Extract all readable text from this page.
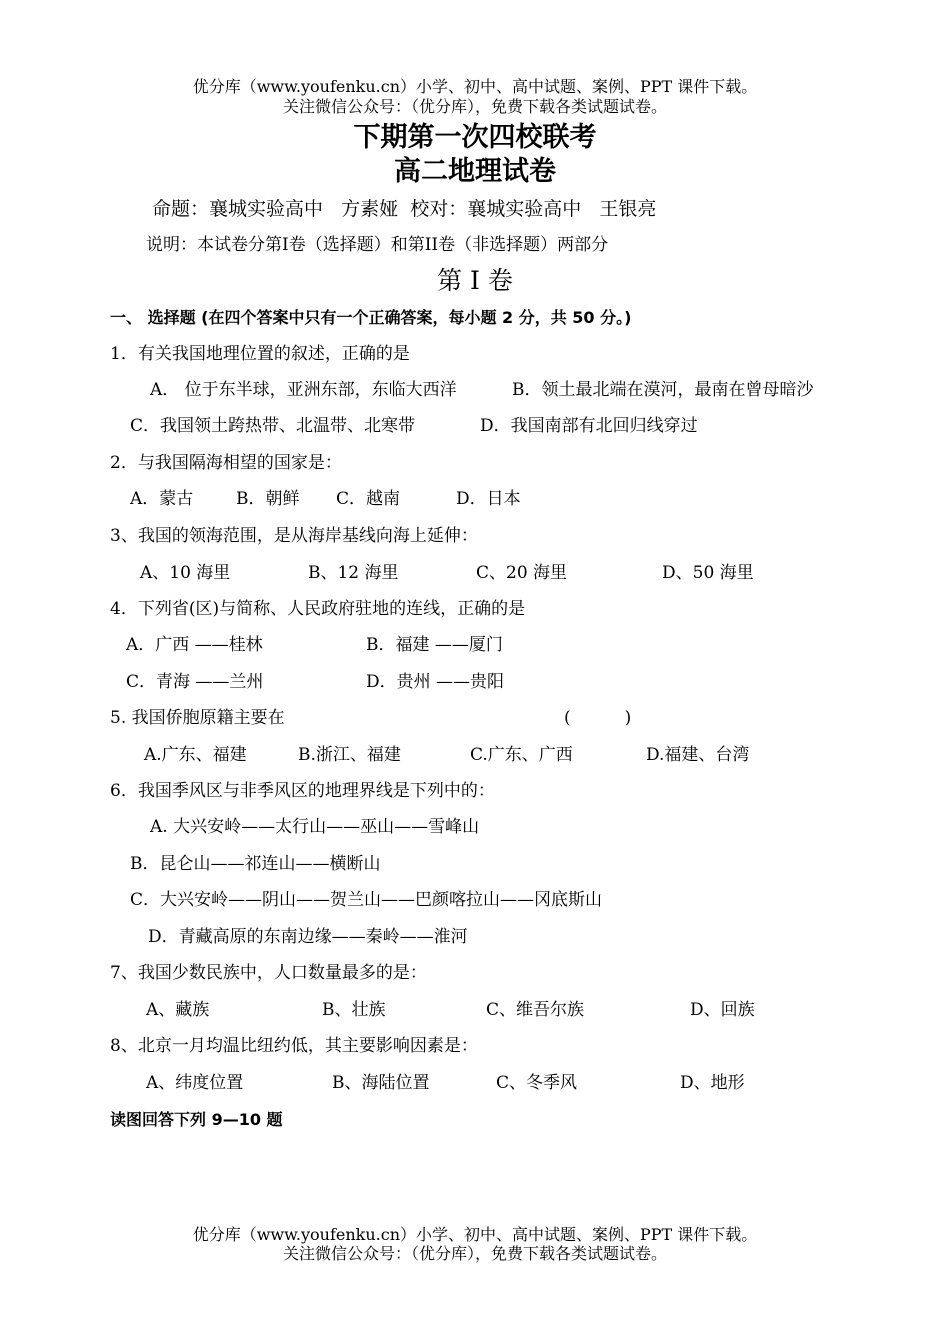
优分库（www.youfenku.cn）小学、初中、高中试题、案例、PPT 课件下载。
关注微信公众号：（优分库），免费下载各类试题试卷。
下期第一次四校联考
高二地理试卷
命题：襄城实验高中   方素娅  校对：襄城实验高中   王银亮
说明：本试卷分第I卷（选择题）和第II卷（非选择题）两部分
第 I 卷
一、 选择题 (在四个答案中只有一个正确答案，每小题 2 分，共 50 分。)
1．有关我国地理位置的叙述，正确的是
A． 位于东半球，亚洲东部，东临大西洋	B．领土最北端在漠河，最南在曾母暗沙
C．我国领土跨热带、北温带、北寒带	D．我国南部有北回归线穿过
2．与我国隔海相望的国家是：
A．蒙古	B．朝鲜 C．越南	D．日本
3、我国的领海范围，是从海岸基线向海上延伸：
A、10 海里	B、12 海里	C、20 海里	D、50 海里
4．下列省(区)与简称、人民政府驻地的连线，正确的是
A．广西 ——桂林	B．福建 ——厦门
C．青海 ——兰州	D．贵州 ——贵阳
5. 我国侨胞原籍主要在	(          )
A.广东、福建	B.浙江、福建	C.广东、广西	D.福建、台湾
6．我国季风区与非季风区的地理界线是下列中的：
A. 大兴安岭——太行山——巫山——雪峰山
B．昆仑山——祁连山——横断山
C．大兴安岭——阴山——贺兰山——巴颜喀拉山——冈底斯山
D．青藏高原的东南边缘——秦岭——淮河
7、我国少数民族中，人口数量最多的是：
A、藏族	B、壮族	C、维吾尔族	D、回族
8、北京一月均温比纽约低，其主要影响因素是：
A、纬度位置	B、海陆位置	C、冬季风	D、地形
读图回答下列 9—10 题
优分库（www.youfenku.cn）小学、初中、高中试题、案例、PPT 课件下载。
关注微信公众号：（优分库），免费下载各类试题试卷。
